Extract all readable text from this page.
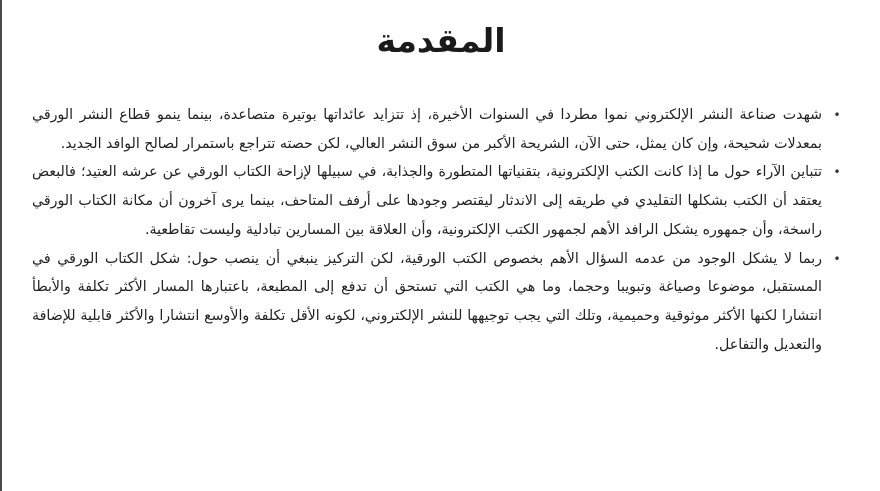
المقدمة
•
شهدت صناعة النشر الإلكتروني نموا مطردا في السنوات الأخيرة، إذ تتزايد عائداتها بوتيرة متصاعدة، بينما ينمو قطاع النشر الورقي بمعدلات شحيحة، وإن كان يمثل، حتى الآن، الشريحة الأكبر من سوق النشر العالي، لكن حصته تتراجع باستمرار لصالح الوافد الجديد.
•
تتباين الآراء حول ما إذا كانت الكتب الإلكترونية، بتقنياتها المتطورة والجذابة، في سبيلها لإزاحة الكتاب الورقي عن عرشه العتيد؛ فالبعض يعتقد أن الكتب بشكلها التقليدي في طريقه إلى الاندثار ليقتصر وجودها على أرفف المتاحف، بينما يرى آخرون أن مكانة الكتاب الورقي راسخة، وأن جمهوره يشكل الرافد الأهم لجمهور الكتب الإلكترونية، وأن العلاقة بين المسارين تبادلية وليست تقاطعية.
•
ربما لا يشكل الوجود من عدمه السؤال الأهم بخصوص الكتب الورقية، لكن التركيز ينبغي أن ينصب حول: شكل الكتاب الورقي في المستقبل، موضوعا وصياغة وتبويبا وحجما، وما هي الكتب التي تستحق أن تدفع إلى المطبعة، باعتبارها المسار الأكثر تكلفة والأبطأ انتشارا لكنها الأكثر موثوقية وحميمية، وتلك التي يجب توجيهها للنشر الإلكتروني، لكونه الأقل تكلفة والأوسع انتشارا والأكثر قابلية للإضافة والتعديل والتفاعل.
